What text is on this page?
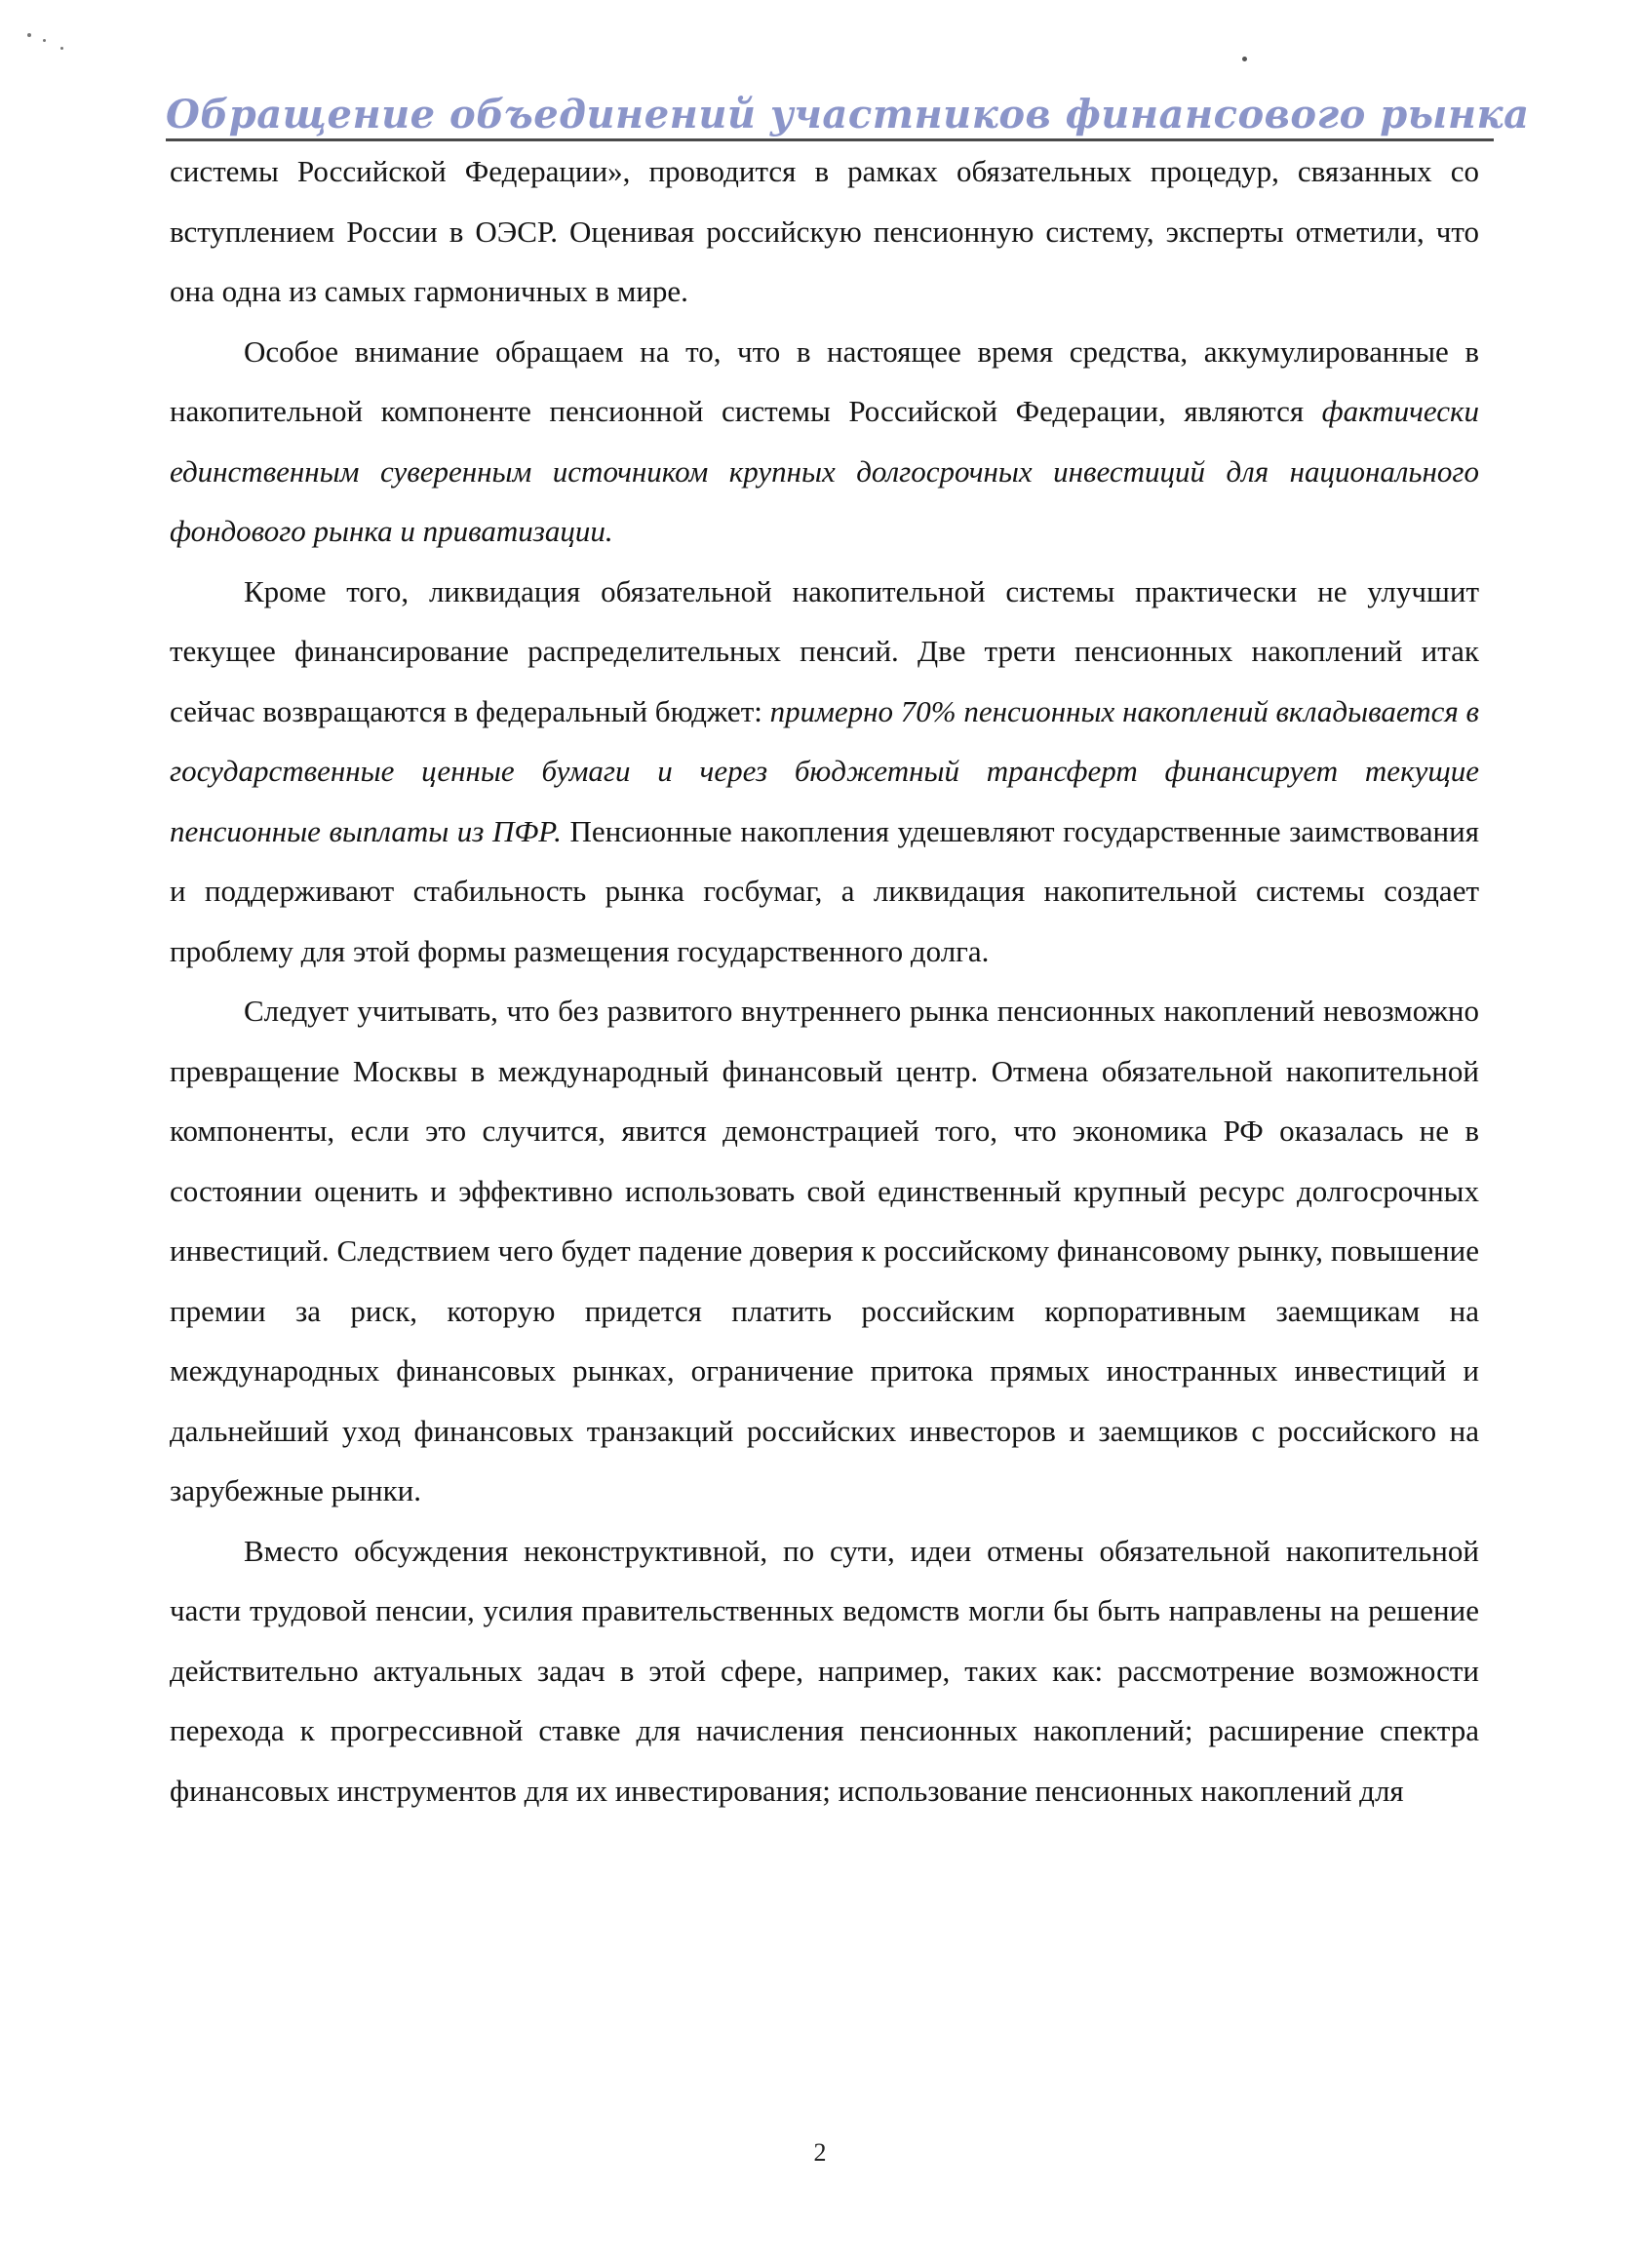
Обращение объединений участников финансового рынка

системы Российской Федерации», проводится в рамках обязательных процедур, связанных со вступлением России в ОЭСР. Оценивая российскую пенсионную систему, эксперты отметили, что она одна из самых гармоничных в мире.

Особое внимание обращаем на то, что в настоящее время средства, аккумулированные в накопительной компоненте пенсионной системы Российской Федерации, являются фактически единственным суверенным источником крупных долгосрочных инвестиций для национального фондового рынка и приватизации.

Кроме того, ликвидация обязательной накопительной системы практически не улучшит текущее финансирование распределительных пенсий. Две трети пенсионных накоплений итак сейчас возвращаются в федеральный бюджет: примерно 70% пенсионных накоплений вкладывается в государственные ценные бумаги и через бюджетный трансферт финансирует текущие пенсионные выплаты из ПФР. Пенсионные накопления удешевляют государственные заимствования и поддерживают стабильность рынка госбумаг, а ликвидация накопительной системы создает проблему для этой формы размещения государственного долга.

Следует учитывать, что без развитого внутреннего рынка пенсионных накоплений невозможно превращение Москвы в международный финансовый центр. Отмена обязательной накопительной компоненты, если это случится, явится демонстрацией того, что экономика РФ оказалась не в состоянии оценить и эффективно использовать свой единственный крупный ресурс долгосрочных инвестиций. Следствием чего будет падение доверия к российскому финансовому рынку, повышение премии за риск, которую придется платить российским корпоративным заемщикам на международных финансовых рынках, ограничение притока прямых иностранных инвестиций и дальнейший уход финансовых транзакций российских инвесторов и заемщиков с российского на зарубежные рынки.

Вместо обсуждения неконструктивной, по сути, идеи отмены обязательной накопительной части трудовой пенсии, усилия правительственных ведомств могли бы быть направлены на решение действительно актуальных задач в этой сфере, например, таких как: рассмотрение возможности перехода к прогрессивной ставке для начисления пенсионных накоплений; расширение спектра финансовых инструментов для их инвестирования; использование пенсионных накоплений для

2
